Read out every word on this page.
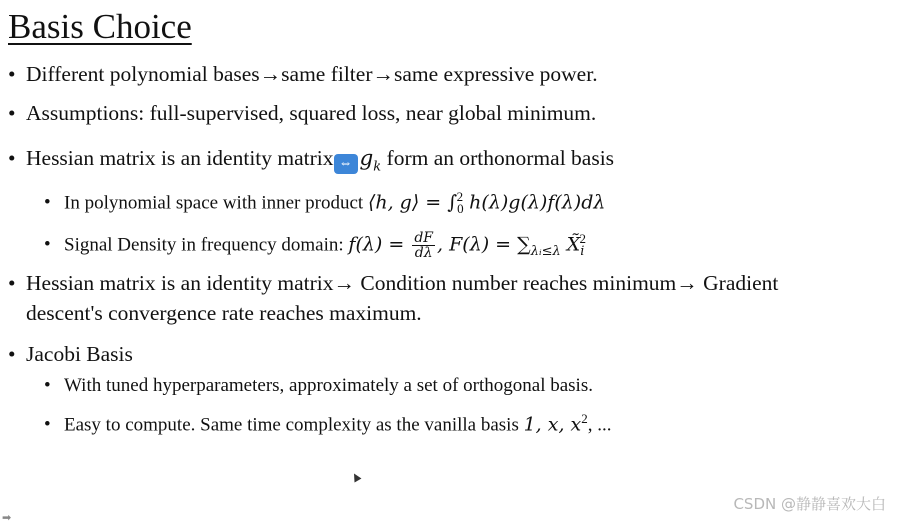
Basis Choice
• Different polynomial bases→same filter→same expressive power.
• Assumptions: full-supervised, squared loss, near global minimum.
• Hessian matrix is an identity matrix ⇔ $g_k$ form an orthonormal basis
• In polynomial space with inner product ⟨h, g⟩ = $\int_0^2$ h(λ)g(λ)f(λ)dλ
• Signal Density in frequency domain: $f(\lambda) = \frac{dF}{d\lambda}$ , $F(\lambda) = \sum_{\lambda ᵢ\le\lambda}$ $X̃_i^2$
• Hessian matrix is an identity matrix→ Condition number reaches minimum→ Gradient
descent's convergence rate reaches maximum.
• Jacobi Basis
• With tuned hyperparameters, approximately a set of orthogonal basis.
• Easy to compute. Same time complexity as the vanilla basis 1, x, $x^2$, ...
➡
CSDN @静静喜欢大白
